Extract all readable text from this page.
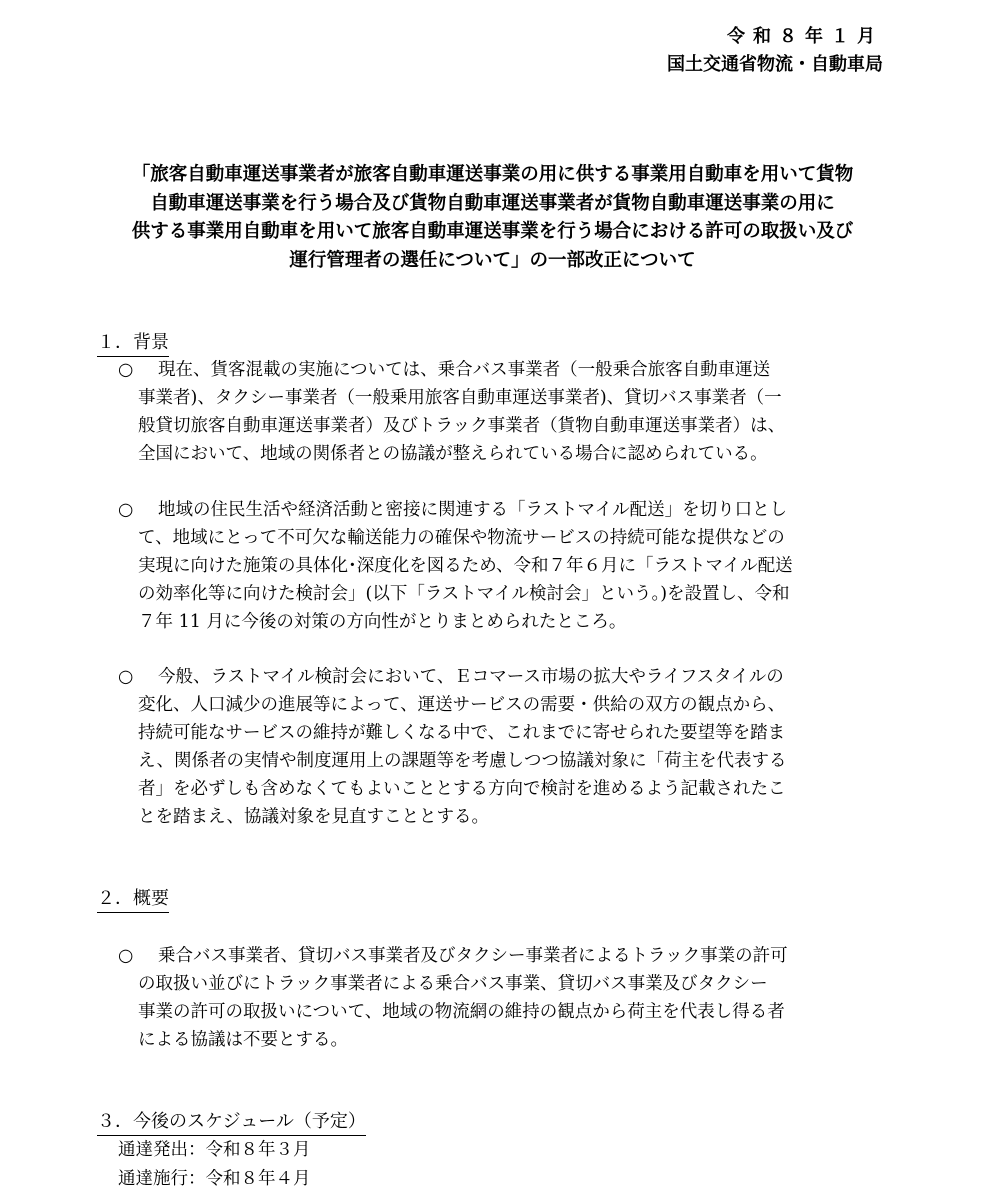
令和８年１月
国土交通省物流・自動車局
「旅客自動車運送事業者が旅客自動車運送事業の用に供する事業用自動車を用いて貨物
自動車運送事業を行う場合及び貨物自動車運送事業者が貨物自動車運送事業の用に
供する事業用自動車を用いて旅客自動車運送事業を行う場合における許可の取扱い及び
運行管理者の選任について」の一部改正について
１．背景
○ 現在、貨客混載の実施については、乗合バス事業者（一般乗合旅客自動車運送
事業者)、タクシー事業者（一般乗用旅客自動車運送事業者)、貸切バス事業者（一
般貸切旅客自動車運送事業者）及びトラック事業者（貨物自動車運送事業者）は、
全国において、地域の関係者との協議が整えられている場合に認められている。
○ 地域の住民生活や経済活動と密接に関連する「ラストマイル配送」を切り口とし
て、地域にとって不可欠な輸送能力の確保や物流サービスの持続可能な提供などの
実現に向けた施策の具体化･深度化を図るため、令和７年６月に「ラストマイル配送
の効率化等に向けた検討会」(以下「ラストマイル検討会」という。)を設置し、令和
７年 11 月に今後の対策の方向性がとりまとめられたところ。
○ 今般、ラストマイル検討会において、Ｅコマース市場の拡大やライフスタイルの
変化、人口減少の進展等によって、運送サービスの需要・供給の双方の観点から、
持続可能なサービスの維持が難しくなる中で、これまでに寄せられた要望等を踏ま
え、関係者の実情や制度運用上の課題等を考慮しつつ協議対象に「荷主を代表する
者」を必ずしも含めなくてもよいこととする方向で検討を進めるよう記載されたこ
とを踏まえ、協議対象を見直すこととする。
２．概要
○ 乗合バス事業者、貸切バス事業者及びタクシー事業者によるトラック事業の許可
の取扱い並びにトラック事業者による乗合バス事業、貸切バス事業及びタクシー
事業の許可の取扱いについて、地域の物流網の維持の観点から荷主を代表し得る者
による協議は不要とする。
３．今後のスケジュール（予定）
通達発出：令和８年３月
通達施行：令和８年４月
